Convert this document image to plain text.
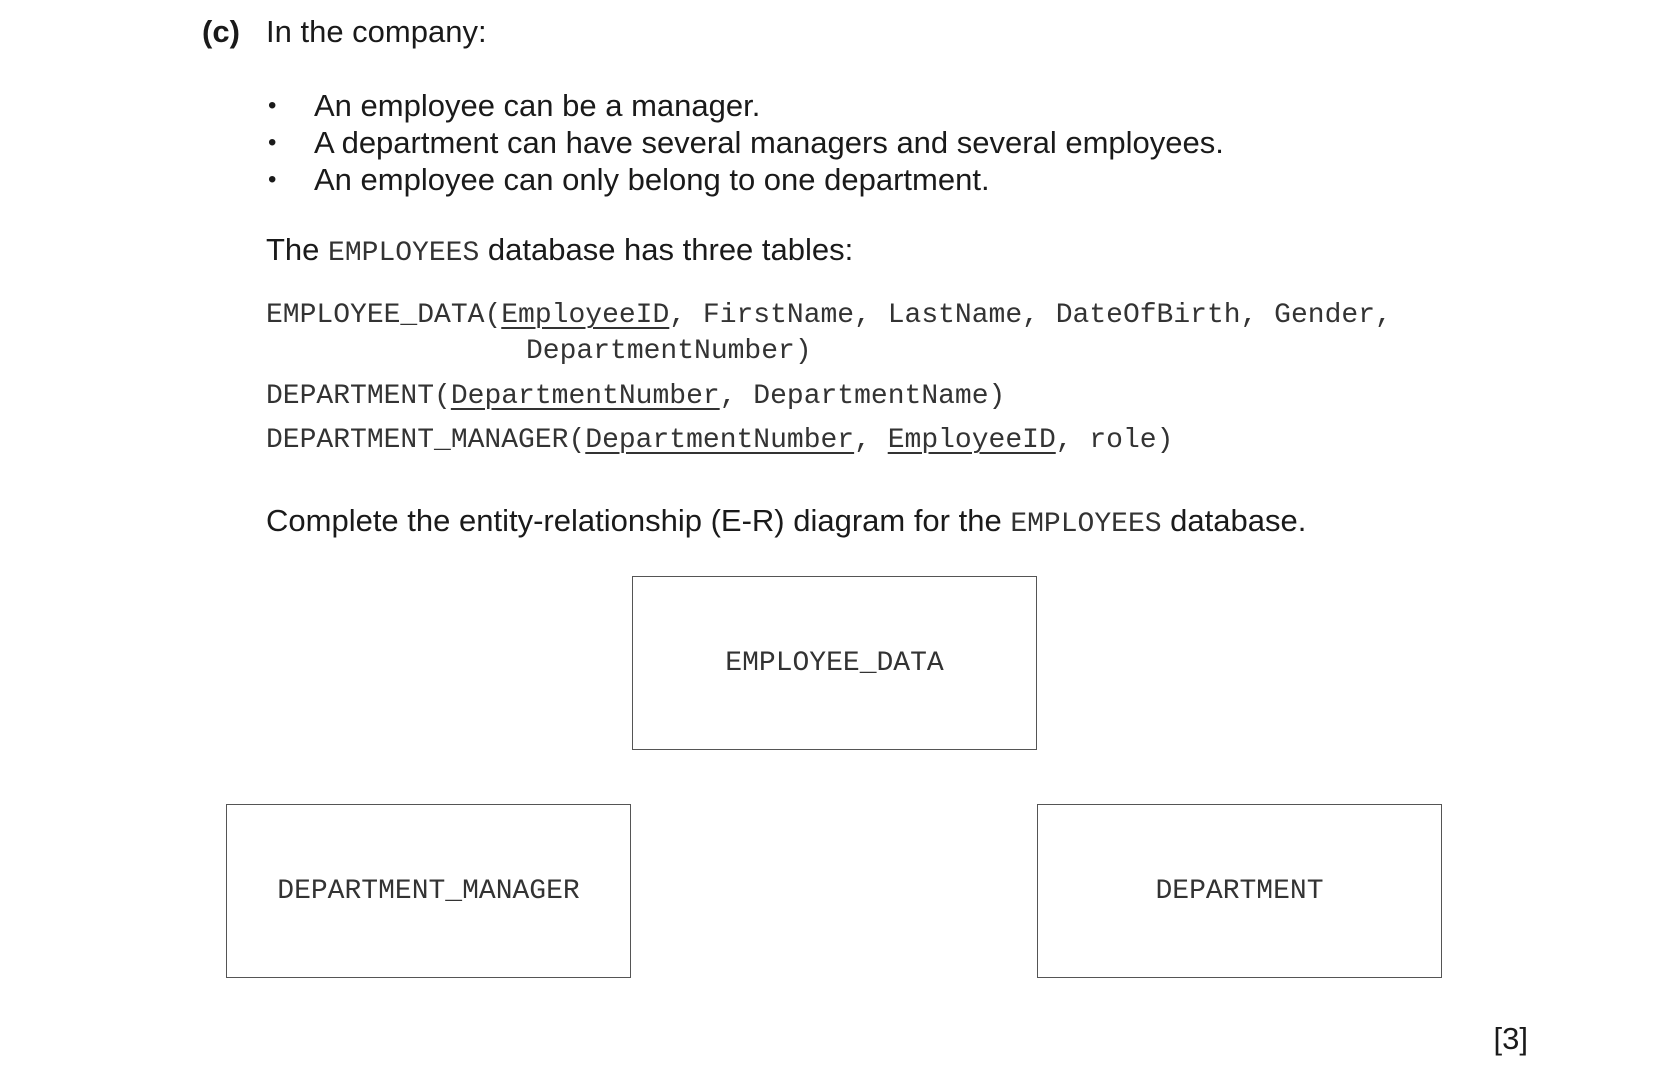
(c) In the company:
• An employee can be a manager.
• A department can have several managers and several employees.
• An employee can only belong to one department.
The EMPLOYEES database has three tables:
EMPLOYEE_DATA(EmployeeID, FirstName, LastName, DateOfBirth, Gender,
DepartmentNumber)
DEPARTMENT(DepartmentNumber, DepartmentName)
DEPARTMENT_MANAGER(DepartmentNumber, EmployeeID, role)
Complete the entity-relationship (E-R) diagram for the EMPLOYEES database.
EMPLOYEE_DATA
DEPARTMENT_MANAGER	DEPARTMENT
[3]
